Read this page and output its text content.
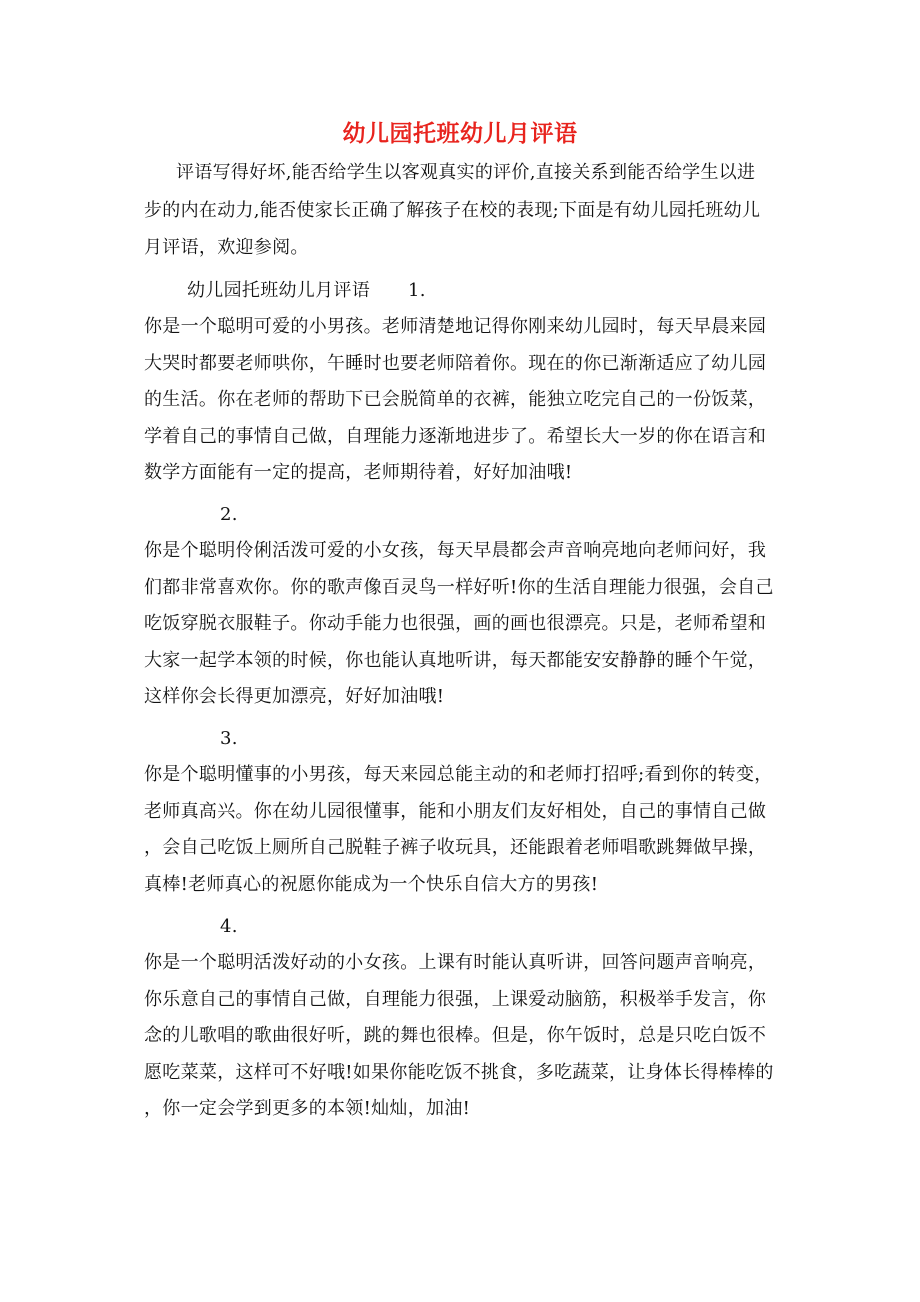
幼儿园托班幼儿月评语
评语写得好坏,能否给学生以客观真实的评价,直接关系到能否给学生以进
步的内在动力,能否使家长正确了解孩子在校的表现;下面是有幼儿园托班幼儿
月评语，欢迎参阅。
幼儿园托班幼儿月评语 1.
你是一个聪明可爱的小男孩。老师清楚地记得你刚来幼儿园时，每天早晨来园
大哭时都要老师哄你，午睡时也要老师陪着你。现在的你已渐渐适应了幼儿园
的生活。你在老师的帮助下已会脱简单的衣裤，能独立吃完自己的一份饭菜，
学着自己的事情自己做，自理能力逐渐地进步了。希望长大一岁的你在语言和
数学方面能有一定的提高，老师期待着，好好加油哦!
2.
你是个聪明伶俐活泼可爱的小女孩，每天早晨都会声音响亮地向老师问好，我
们都非常喜欢你。你的歌声像百灵鸟一样好听!你的生活自理能力很强，会自己
吃饭穿脱衣服鞋子。你动手能力也很强，画的画也很漂亮。只是，老师希望和
大家一起学本领的时候，你也能认真地听讲，每天都能安安静静的睡个午觉，
这样你会长得更加漂亮，好好加油哦!
3.
你是个聪明懂事的小男孩，每天来园总能主动的和老师打招呼;看到你的转变，
老师真高兴。你在幼儿园很懂事，能和小朋友们友好相处，自己的事情自己做
，会自己吃饭上厕所自己脱鞋子裤子收玩具，还能跟着老师唱歌跳舞做早操，
真棒!老师真心的祝愿你能成为一个快乐自信大方的男孩!
4.
你是一个聪明活泼好动的小女孩。上课有时能认真听讲，回答问题声音响亮，
你乐意自己的事情自己做，自理能力很强，上课爱动脑筋，积极举手发言，你
念的儿歌唱的歌曲很好听，跳的舞也很棒。但是，你午饭时，总是只吃白饭不
愿吃菜菜，这样可不好哦!如果你能吃饭不挑食，多吃蔬菜，让身体长得棒棒的
，你一定会学到更多的本领!灿灿，加油!
